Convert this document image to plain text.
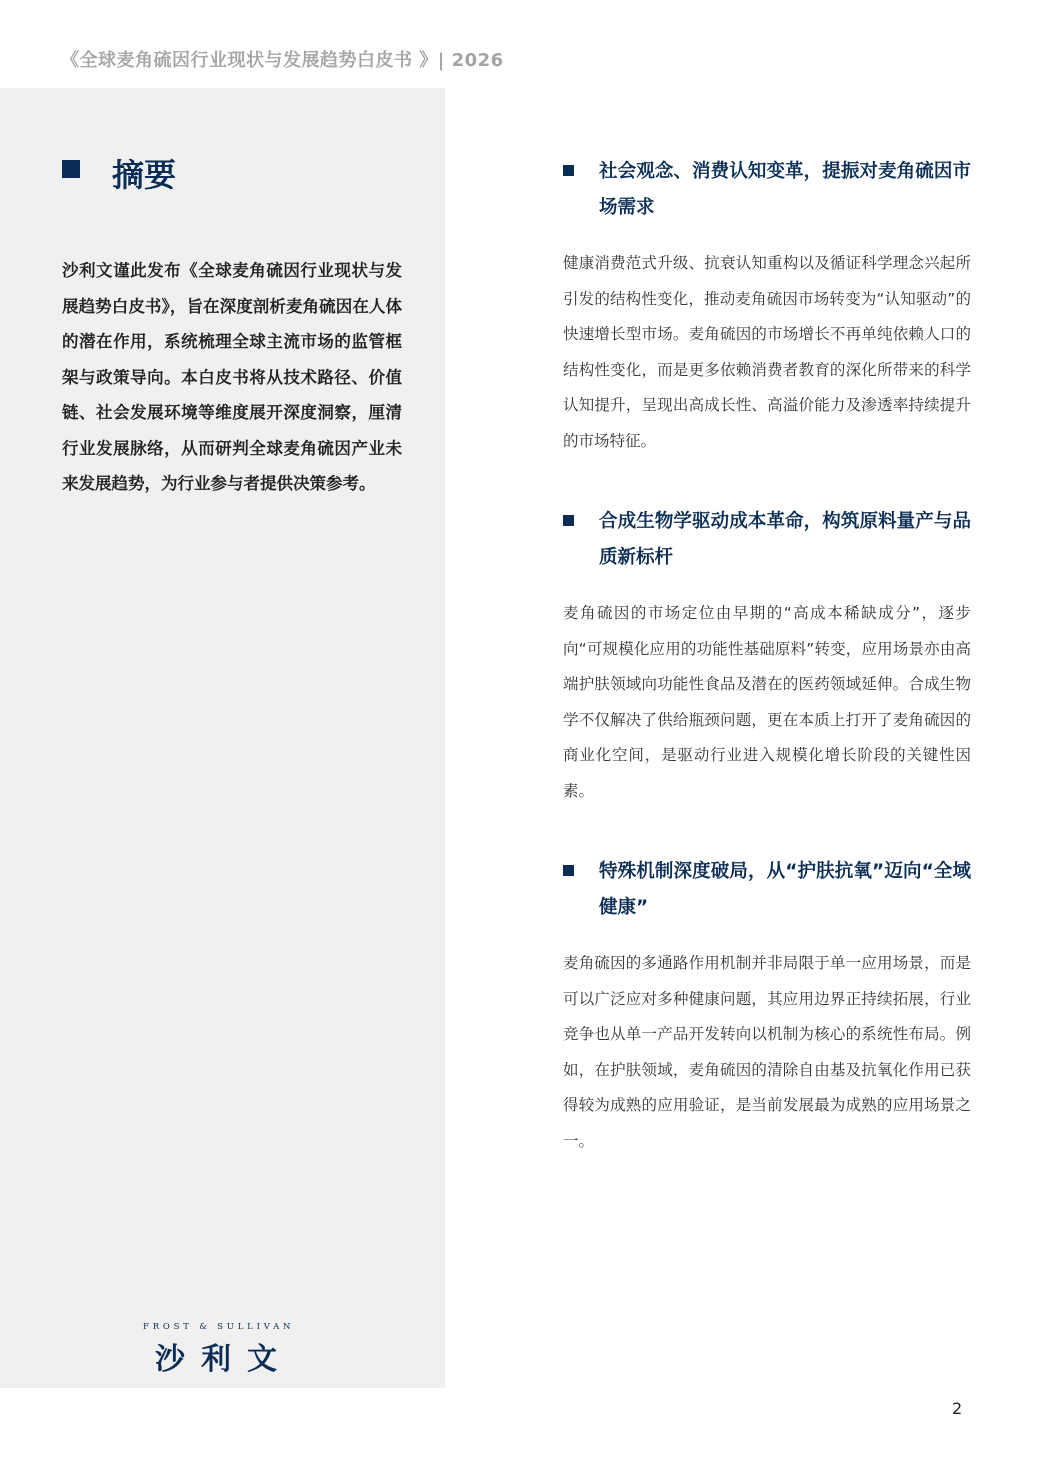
《全球麦角硫因行业现状与发展趋势白皮书 》| 2026
摘要
沙利文谨此发布《全球麦角硫因行业现状与发展趋势白皮书》，旨在深度剖析麦角硫因在人体的潜在作用，系统梳理全球主流市场的监管框架与政策导向。本白皮书将从技术路径、价值链、社会发展环境等维度展开深度洞察，厘清行业发展脉络，从而研判全球麦角硫因产业未来发展趋势，为行业参与者提供决策参考。
FROST & SULLIVAN
沙利文
社会观念、消费认知变革，提振对麦角硫因市场需求
健康消费范式升级、抗衰认知重构以及循证科学理念兴起所引发的结构性变化，推动麦角硫因市场转变为“认知驱动”的快速增长型市场。麦角硫因的市场增长不再单纯依赖人口的结构性变化，而是更多依赖消费者教育的深化所带来的科学认知提升，呈现出高成长性、高溢价能力及渗透率持续提升的市场特征。
合成生物学驱动成本革命，构筑原料量产与品质新标杆
麦角硫因的市场定位由早期的“高成本稀缺成分”，逐步向“可规模化应用的功能性基础原料”转变，应用场景亦由高端护肤领域向功能性食品及潜在的医药领域延伸。合成生物学不仅解决了供给瓶颈问题，更在本质上打开了麦角硫因的商业化空间，是驱动行业进入规模化增长阶段的关键性因素。
特殊机制深度破局，从“护肤抗氧”迈向“全域健康”
麦角硫因的多通路作用机制并非局限于单一应用场景，而是可以广泛应对多种健康问题，其应用边界正持续拓展，行业竞争也从单一产品开发转向以机制为核心的系统性布局。例如，在护肤领域，麦角硫因的清除自由基及抗氧化作用已获得较为成熟的应用验证，是当前发展最为成熟的应用场景之一。
2
